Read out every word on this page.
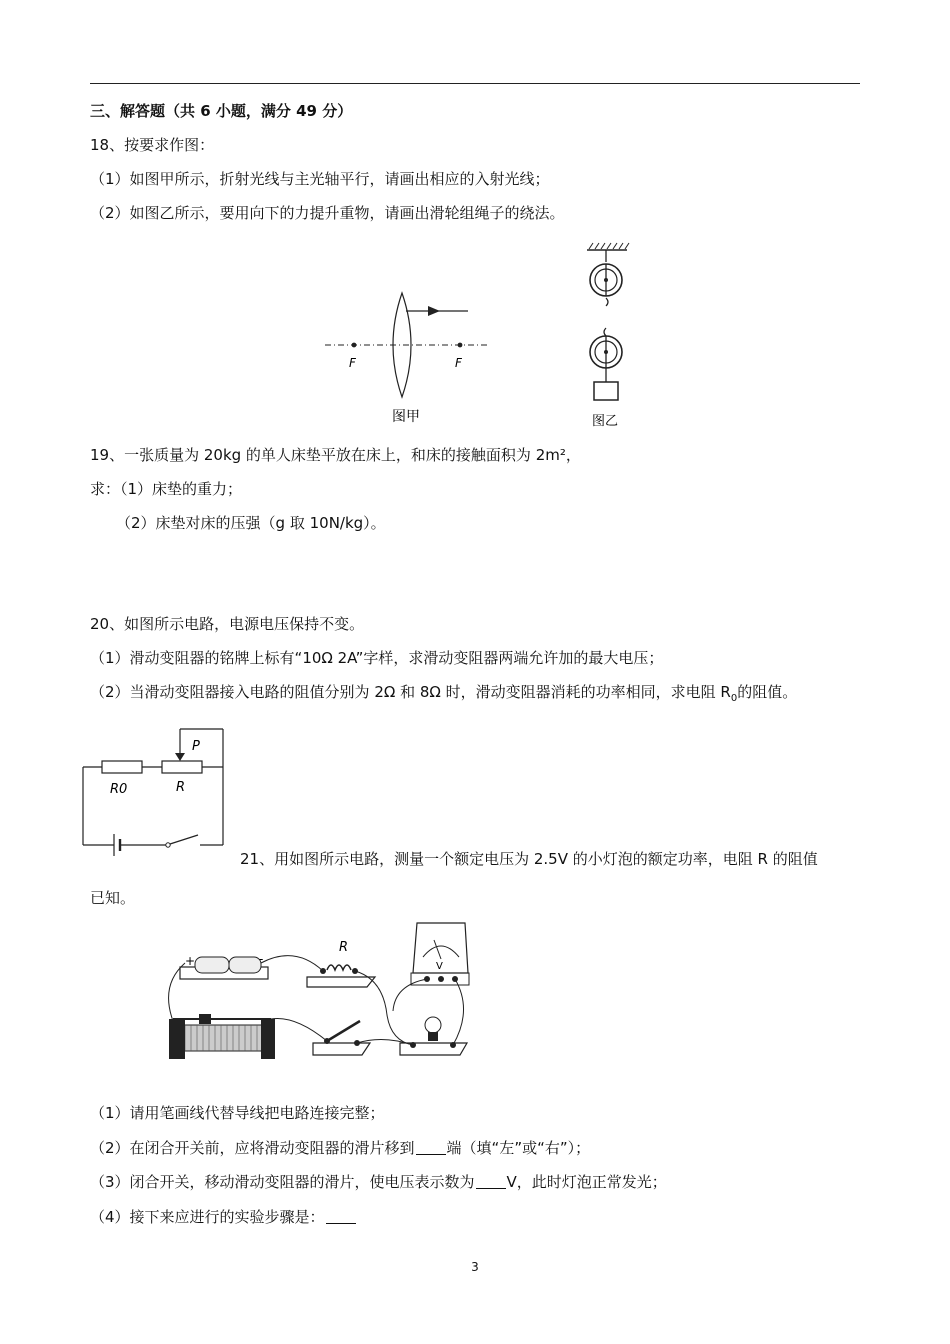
三、解答题（共 6 小题，满分 49 分）
18、按要求作图：
（1）如图甲所示，折射光线与主光轴平行，请画出相应的入射光线；
（2）如图乙所示，要用向下的力提升重物，请画出滑轮组绳子的绕法。
F	F
图甲	图乙
19、一张质量为 20kg 的单人床垫平放在床上，和床的接触面积为 2m²，
求：（1）床垫的重力；
（2）床垫对床的压强（g 取 10N/kg）。
20、如图所示电路，电源电压保持不变。
（1）滑动变阻器的铭牌上标有“10Ω 2A”字样，求滑动变阻器两端允许加的最大电压；
（2）当滑动变阻器接入电路的阻值分别为 2Ω 和 8Ω 时，滑动变阻器消耗的功率相同，求电阻 $R_0$的阻值。
P
R0	R
21、用如图所示电路，测量一个额定电压为 2.5V 的小灯泡的额定功率，电阻 R 的阻值
已知。
+	-
R
V
（1）请用笔画线代替导线把电路连接完整；
（2）在闭合开关前，应将滑动变阻器的滑片移到 端（填“左”或“右”）；
（3）闭合开关，移动滑动变阻器的滑片，使电压表示数为 V，此时灯泡正常发光；
（4）接下来应进行的实验步骤是：
3
